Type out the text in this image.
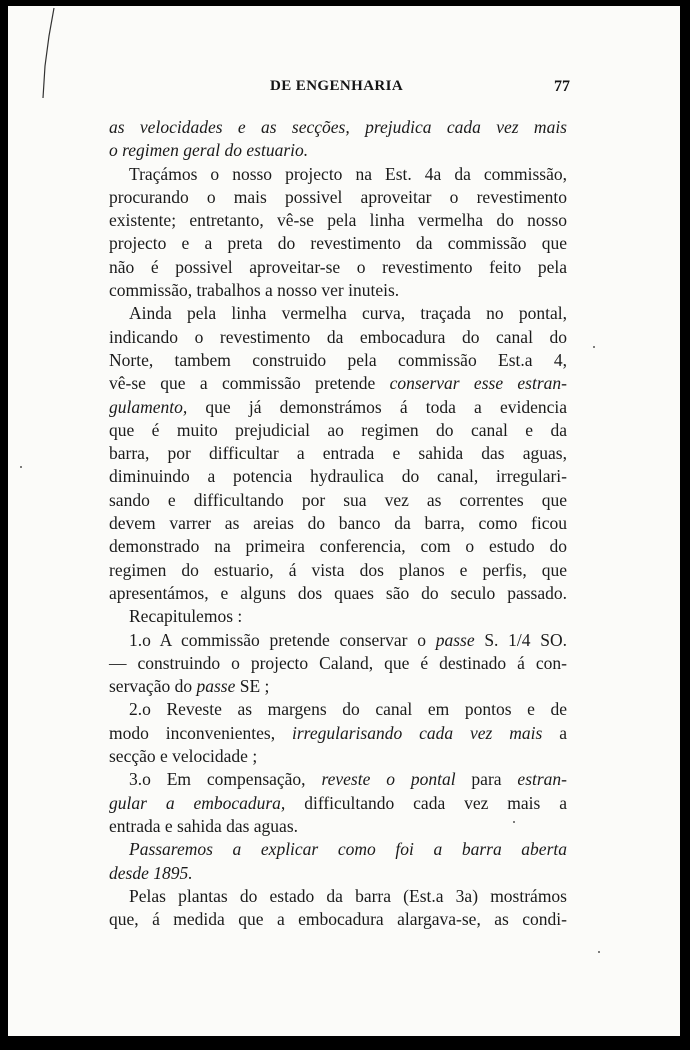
DE ENGENHARIA	77
as velocidades e as secções, prejudica cada vez mais
o regimen geral do estuario.
Traçámos o nosso projecto na Est. 4a da commissão,
procurando o mais possivel aproveitar o revestimento
existente; entretanto, vê-se pela linha vermelha do nosso
projecto e a preta do revestimento da commissão que
não é possivel aproveitar-se o revestimento feito pela
commissão, trabalhos a nosso ver inuteis.
Ainda pela linha vermelha curva, traçada no pontal,
indicando o revestimento da embocadura do canal do
Norte, tambem construido pela commissão Est.a 4,
vê-se que a commissão pretende conservar esse estran-
gulamento, que já demonstrámos á toda a evidencia
que é muito prejudicial ao regimen do canal e da
barra, por difficultar a entrada e sahida das aguas,
diminuindo a potencia hydraulica do canal, irregulari-
sando e difficultando por sua vez as correntes que
devem varrer as areias do banco da barra, como ficou
demonstrado na primeira conferencia, com o estudo do
regimen do estuario, á vista dos planos e perfis, que
apresentámos, e alguns dos quaes são do seculo passado.
Recapitulemos :
1.o A commissão pretende conservar o passe S. 1/4 SO.
— construindo o projecto Caland, que é destinado á con-
servação do passe SE ;
2.o Reveste as margens do canal em pontos e de
modo inconvenientes, irregularisando cada vez mais a
secção e velocidade ;
3.o Em compensação, reveste o pontal para estran-
gular a embocadura, difficultando cada vez mais a
entrada e sahida das aguas.
Passaremos a explicar como foi a barra aberta
desde 1895.
Pelas plantas do estado da barra (Est.a 3a) mostrámos
que, á medida que a embocadura alargava-se, as condi-
